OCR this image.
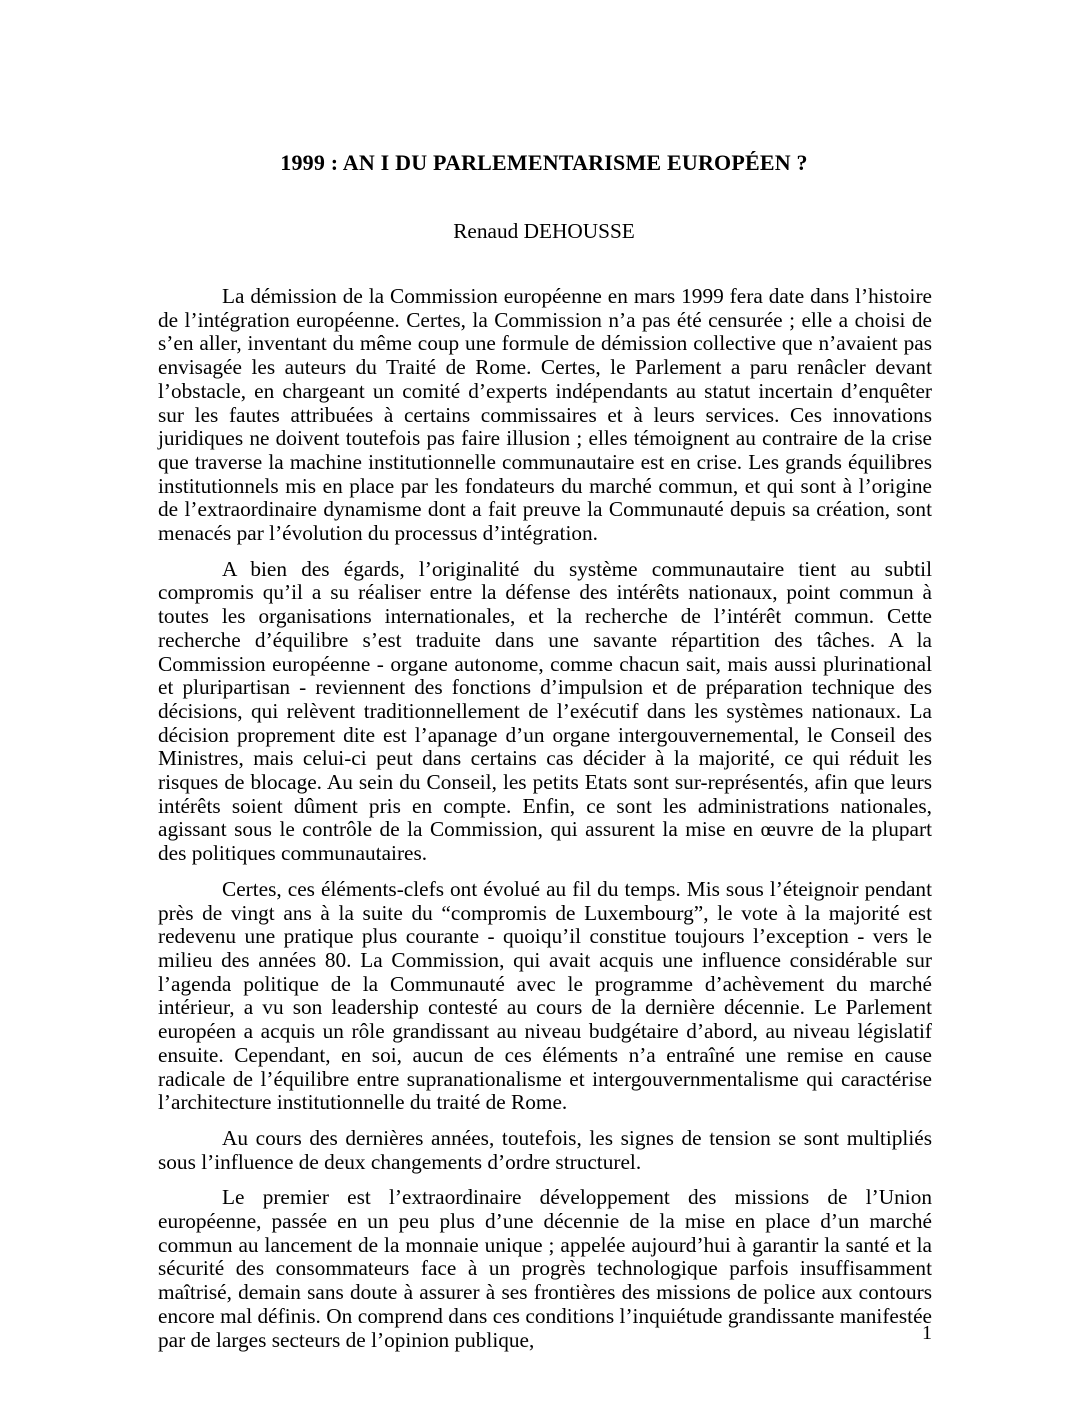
1999 : AN I DU PARLEMENTARISME EUROPÉEN ?
Renaud DEHOUSSE

La démission de la Commission européenne en mars 1999 fera date dans l’histoire de l’intégration européenne. Certes, la Commission n’a pas été censurée ; elle a choisi de s’en aller, inventant du même coup une formule de démission collective que n’avaient pas envisagée les auteurs du Traité de Rome. Certes, le Parlement a paru renâcler devant l’obstacle, en chargeant un comité d’experts indépendants au statut incertain d’enquêter sur les fautes attribuées à certains commissaires et à leurs services. Ces innovations juridiques ne doivent toutefois pas faire illusion ; elles témoignent au contraire de la crise que traverse la machine institutionnelle communautaire est en crise. Les grands équilibres institutionnels mis en place par les fondateurs du marché commun, et qui sont à l’origine de l’extraordinaire dynamisme dont a fait preuve la Communauté depuis sa création, sont menacés par l’évolution du processus d’intégration.

A bien des égards, l’originalité du système communautaire tient au subtil compromis qu’il a su réaliser entre la défense des intérêts nationaux, point commun à toutes les organisations internationales, et la recherche de l’intérêt commun. Cette recherche d’équilibre s’est traduite dans une savante répartition des tâches. A la Commission européenne - organe autonome, comme chacun sait, mais aussi plurinational et pluripartisan - reviennent des fonctions d’impulsion et de préparation technique des décisions, qui relèvent traditionnellement de l’exécutif dans les systèmes nationaux. La décision proprement dite est l’apanage d’un organe intergouvernemental, le Conseil des Ministres, mais celui-ci peut dans certains cas décider à la majorité, ce qui réduit les risques de blocage. Au sein du Conseil, les petits Etats sont sur-représentés, afin que leurs intérêts soient dûment pris en compte. Enfin, ce sont les administrations nationales, agissant sous le contrôle de la Commission, qui assurent la mise en œuvre de la plupart des politiques communautaires.

Certes, ces éléments-clefs ont évolué au fil du temps. Mis sous l’éteignoir pendant près de vingt ans à la suite du “compromis de Luxembourg”, le vote à la majorité est redevenu une pratique plus courante - quoiqu’il constitue toujours l’exception - vers le milieu des années 80. La Commission, qui avait acquis une influence considérable sur l’agenda politique de la Communauté avec le programme d’achèvement du marché intérieur, a vu son leadership contesté au cours de la dernière décennie. Le Parlement européen a acquis un rôle grandissant au niveau budgétaire d’abord, au niveau législatif ensuite. Cependant, en soi, aucun de ces éléments n’a entraîné une remise en cause radicale de l’équilibre entre supranationalisme et intergouvernmentalisme qui caractérise l’architecture institutionnelle du traité de Rome.

Au cours des dernières années, toutefois, les signes de tension se sont multipliés sous l’influence de deux changements d’ordre structurel.

Le premier est l’extraordinaire développement des missions de l’Union européenne, passée en un peu plus d’une décennie de la mise en place d’un marché commun au lancement de la monnaie unique ; appelée aujourd’hui à garantir la santé et la sécurité des consommateurs face à un progrès technologique parfois insuffisamment maîtrisé, demain sans doute à assurer à ses frontières des missions de police aux contours encore mal définis. On comprend dans ces conditions l’inquiétude grandissante manifestée par de larges secteurs de l’opinion publique,	1
